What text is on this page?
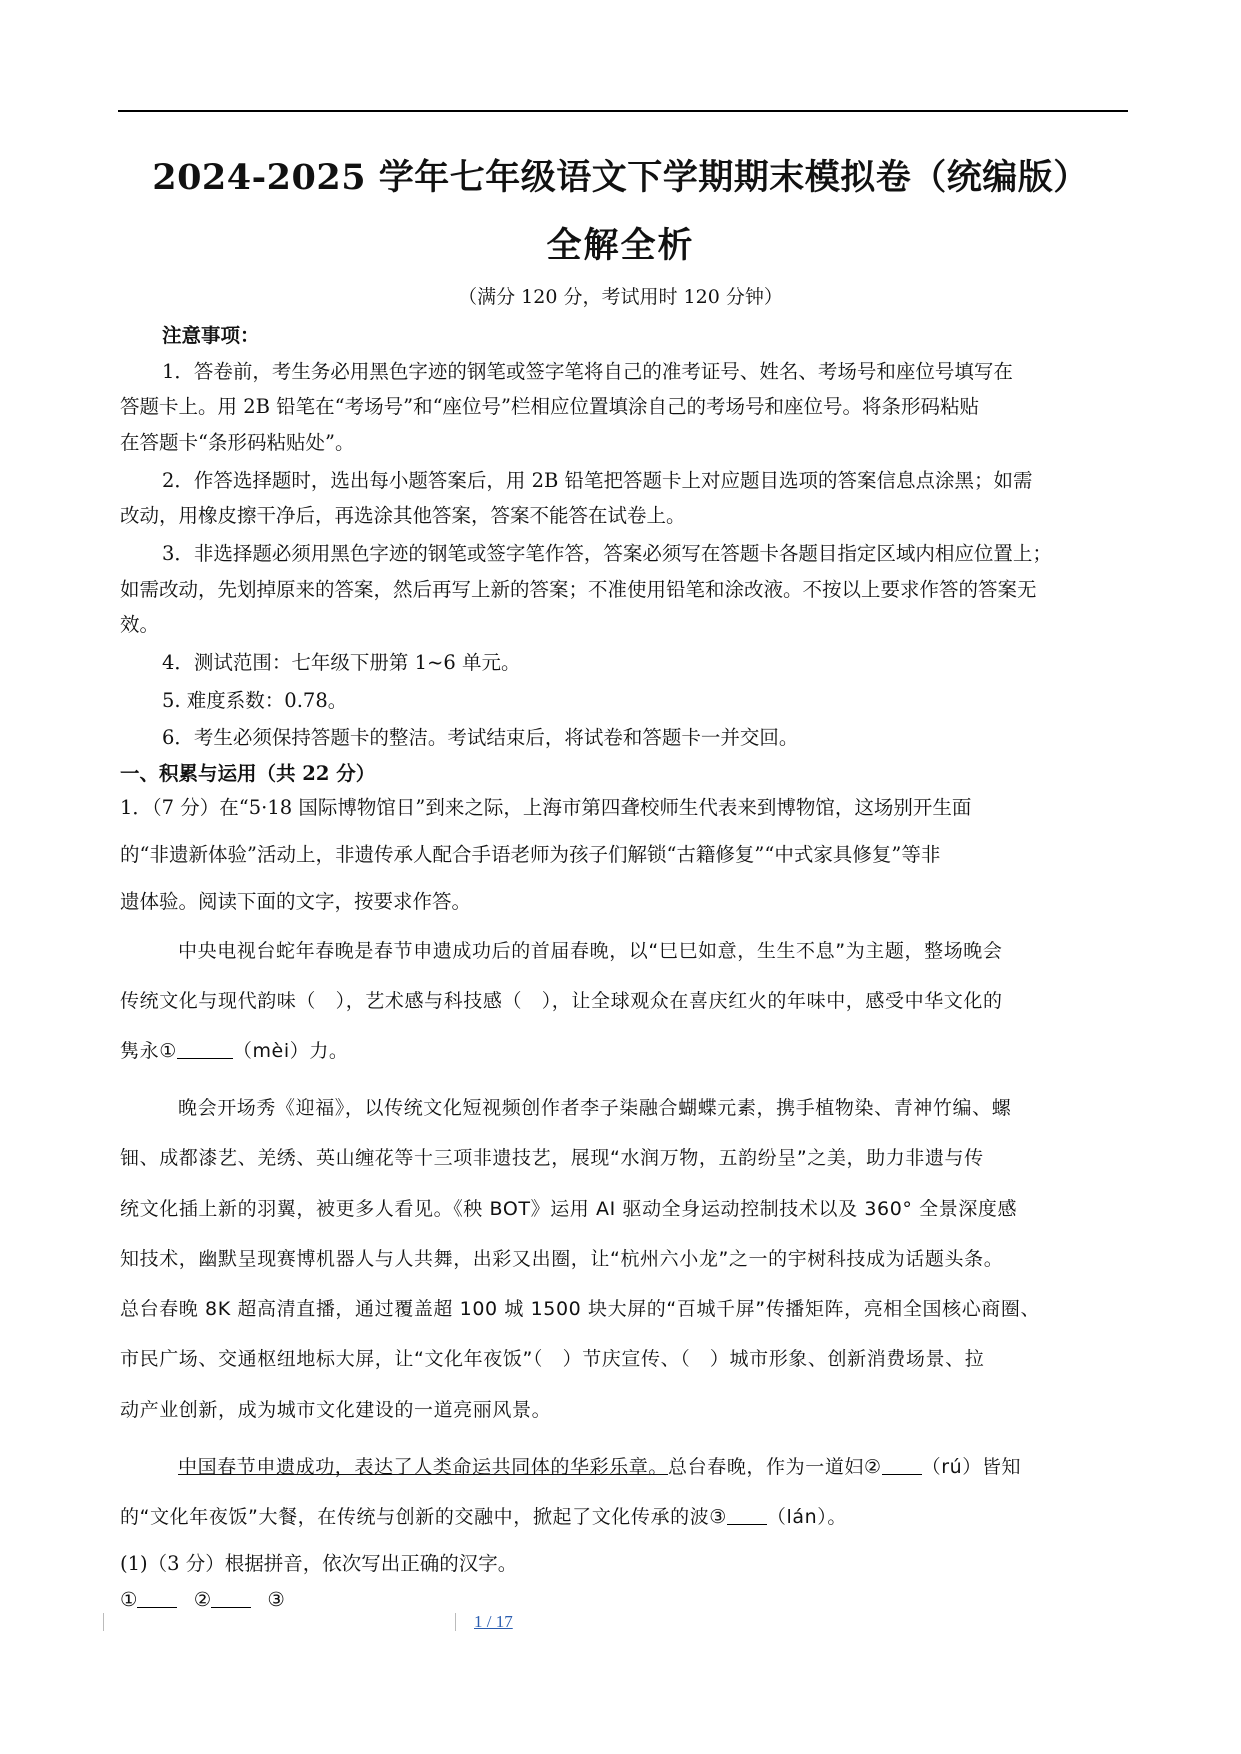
2024-2025 学年七年级语文下学期期末模拟卷（统编版）
全解全析
（满分 120 分，考试用时 120 分钟）
注意事项：
1．答卷前，考生务必用黑色字迹的钢笔或签字笔将自己的准考证号、姓名、考场号和座位号填写在
答题卡上。用 2B 铅笔在“考场号”和“座位号”栏相应位置填涂自己的考场号和座位号。将条形码粘贴
在答题卡“条形码粘贴处”。
2．作答选择题时，选出每小题答案后，用 2B 铅笔把答题卡上对应题目选项的答案信息点涂黑；如需
改动，用橡皮擦干净后，再选涂其他答案，答案不能答在试卷上。
3．非选择题必须用黑色字迹的钢笔或签字笔作答，答案必须写在答题卡各题目指定区域内相应位置上；
如需改动，先划掉原来的答案，然后再写上新的答案；不准使用铅笔和涂改液。不按以上要求作答的答案无
效。
4．测试范围：七年级下册第 1~6 单元。
5. 难度系数：0.78。
6．考生必须保持答题卡的整洁。考试结束后，将试卷和答题卡一并交回。
一、积累与运用（共 22 分）
1．（7 分）在“5·18 国际博物馆日”到来之际，上海市第四聋校师生代表来到博物馆，这场别开生面
的“非遗新体验”活动上，非遗传承人配合手语老师为孩子们解锁“古籍修复”“中式家具修复”等非
遗体验。阅读下面的文字，按要求作答。
中央电视台蛇年春晚是春节申遗成功后的首届春晚，以“巳巳如意，生生不息”为主题，整场晚会
传统文化与现代韵味（　），艺术感与科技感（　），让全球观众在喜庆红火的年味中，感受中华文化的
隽永①	（mèi）力。
晚会开场秀《迎福》，以传统文化短视频创作者李子柒融合蝴蝶元素，携手植物染、青神竹编、螺
钿、成都漆艺、羌绣、英山缠花等十三项非遗技艺，展现“水润万物，五韵纷呈”之美，助力非遗与传
统文化插上新的羽翼，被更多人看见。《秧 BOT》运用 AI 驱动全身运动控制技术以及 360° 全景深度感
知技术，幽默呈现赛博机器人与人共舞，出彩又出圈，让“杭州六小龙”之一的宇树科技成为话题头条。
总台春晚 8K 超高清直播，通过覆盖超 100 城 1500 块大屏的“百城千屏”传播矩阵，亮相全国核心商圈、
市民广场、交通枢纽地标大屏，让“文化年夜饭”（　）节庆宣传、（　）城市形象、创新消费场景、拉
动产业创新，成为城市文化建设的一道亮丽风景。
中国春节申遗成功，表达了人类命运共同体的华彩乐章。总台春晚，作为一道妇② （rú）皆知
的“文化年夜饭”大餐，在传统与创新的交融中，掀起了文化传承的波③ （lán）。
(1)（3 分）根据拼音，依次写出正确的汉字。
①	②	③
1 / 17
